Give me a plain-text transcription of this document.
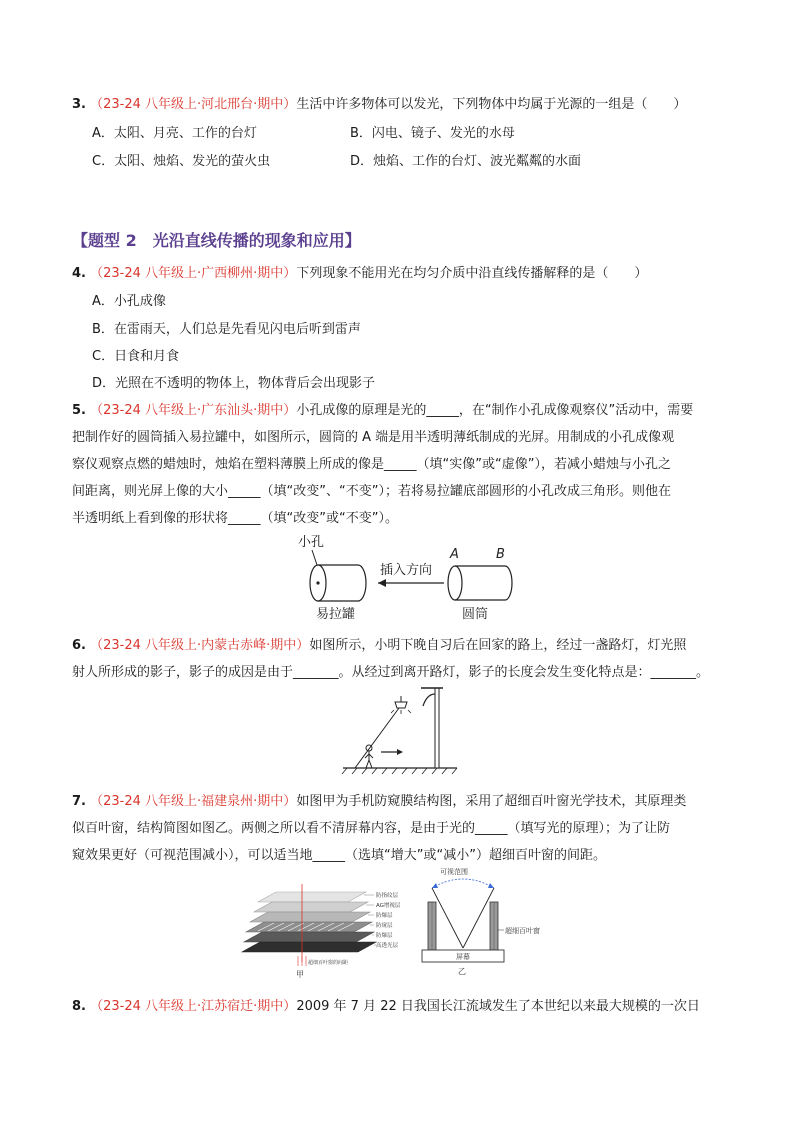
3. （23-24 八年级上·河北邢台·期中）生活中许多物体可以发光，下列物体中均属于光源的一组是（　　）
A．太阳、月亮、工作的台灯	B．闪电、镜子、发光的水母
C．太阳、烛焰、发光的萤火虫	D．烛焰、工作的台灯、波光粼粼的水面
【题型 2　光沿直线传播的现象和应用】
4. （23-24 八年级上·广西柳州·期中）下列现象不能用光在均匀介质中沿直线传播解释的是（　　）
A．小孔成像
B．在雷雨天，人们总是先看见闪电后听到雷声
C．日食和月食
D．光照在不透明的物体上，物体背后会出现影子
5. （23-24 八年级上·广东汕头·期中）小孔成像的原理是光的_____，在“制作小孔成像观察仪”活动中，需要
把制作好的圆筒插入易拉罐中，如图所示，圆筒的 A 端是用半透明薄纸制成的光屏。用制成的小孔成像观
察仪观察点燃的蜡烛时，烛焰在塑料薄膜上所成的像是_____（填“实像”或“虚像”），若减小蜡烛与小孔之
间距离，则光屏上像的大小_____（填“改变”、“不变”）；若将易拉罐底部圆形的小孔改成三角形。则他在
半透明纸上看到像的形状将_____（填“改变”或“不变”）。
小孔
插入方向
A	B
易拉罐	圆筒
6. （23-24 八年级上·内蒙古赤峰·期中）如图所示，小明下晚自习后在回家的路上，经过一盏路灯，灯光照
射人所形成的影子，影子的成因是由于_______。从经过到离开路灯，影子的长度会发生变化特点是：_______。
7. （23-24 八年级上·福建泉州·期中）如图甲为手机防窥膜结构图，采用了超细百叶窗光学技术，其原理类
似百叶窗，结构简图如图乙。两侧之所以看不清屏幕内容，是由于光的_____（填写光的原理）；为了让防
窥效果更好（可视范围减小），可以适当地_____（选填“增大”或“减小”）超细百叶窗的间距。
防指纹层
AG增视层
防爆层
防窥层
防爆层
高透光层
超细百叶窗的间距
甲
可视范围
超细百叶窗
屏幕
乙
8. （23-24 八年级上·江苏宿迁·期中）2009 年 7 月 22 日我国长江流域发生了本世纪以来最大规模的一次日
